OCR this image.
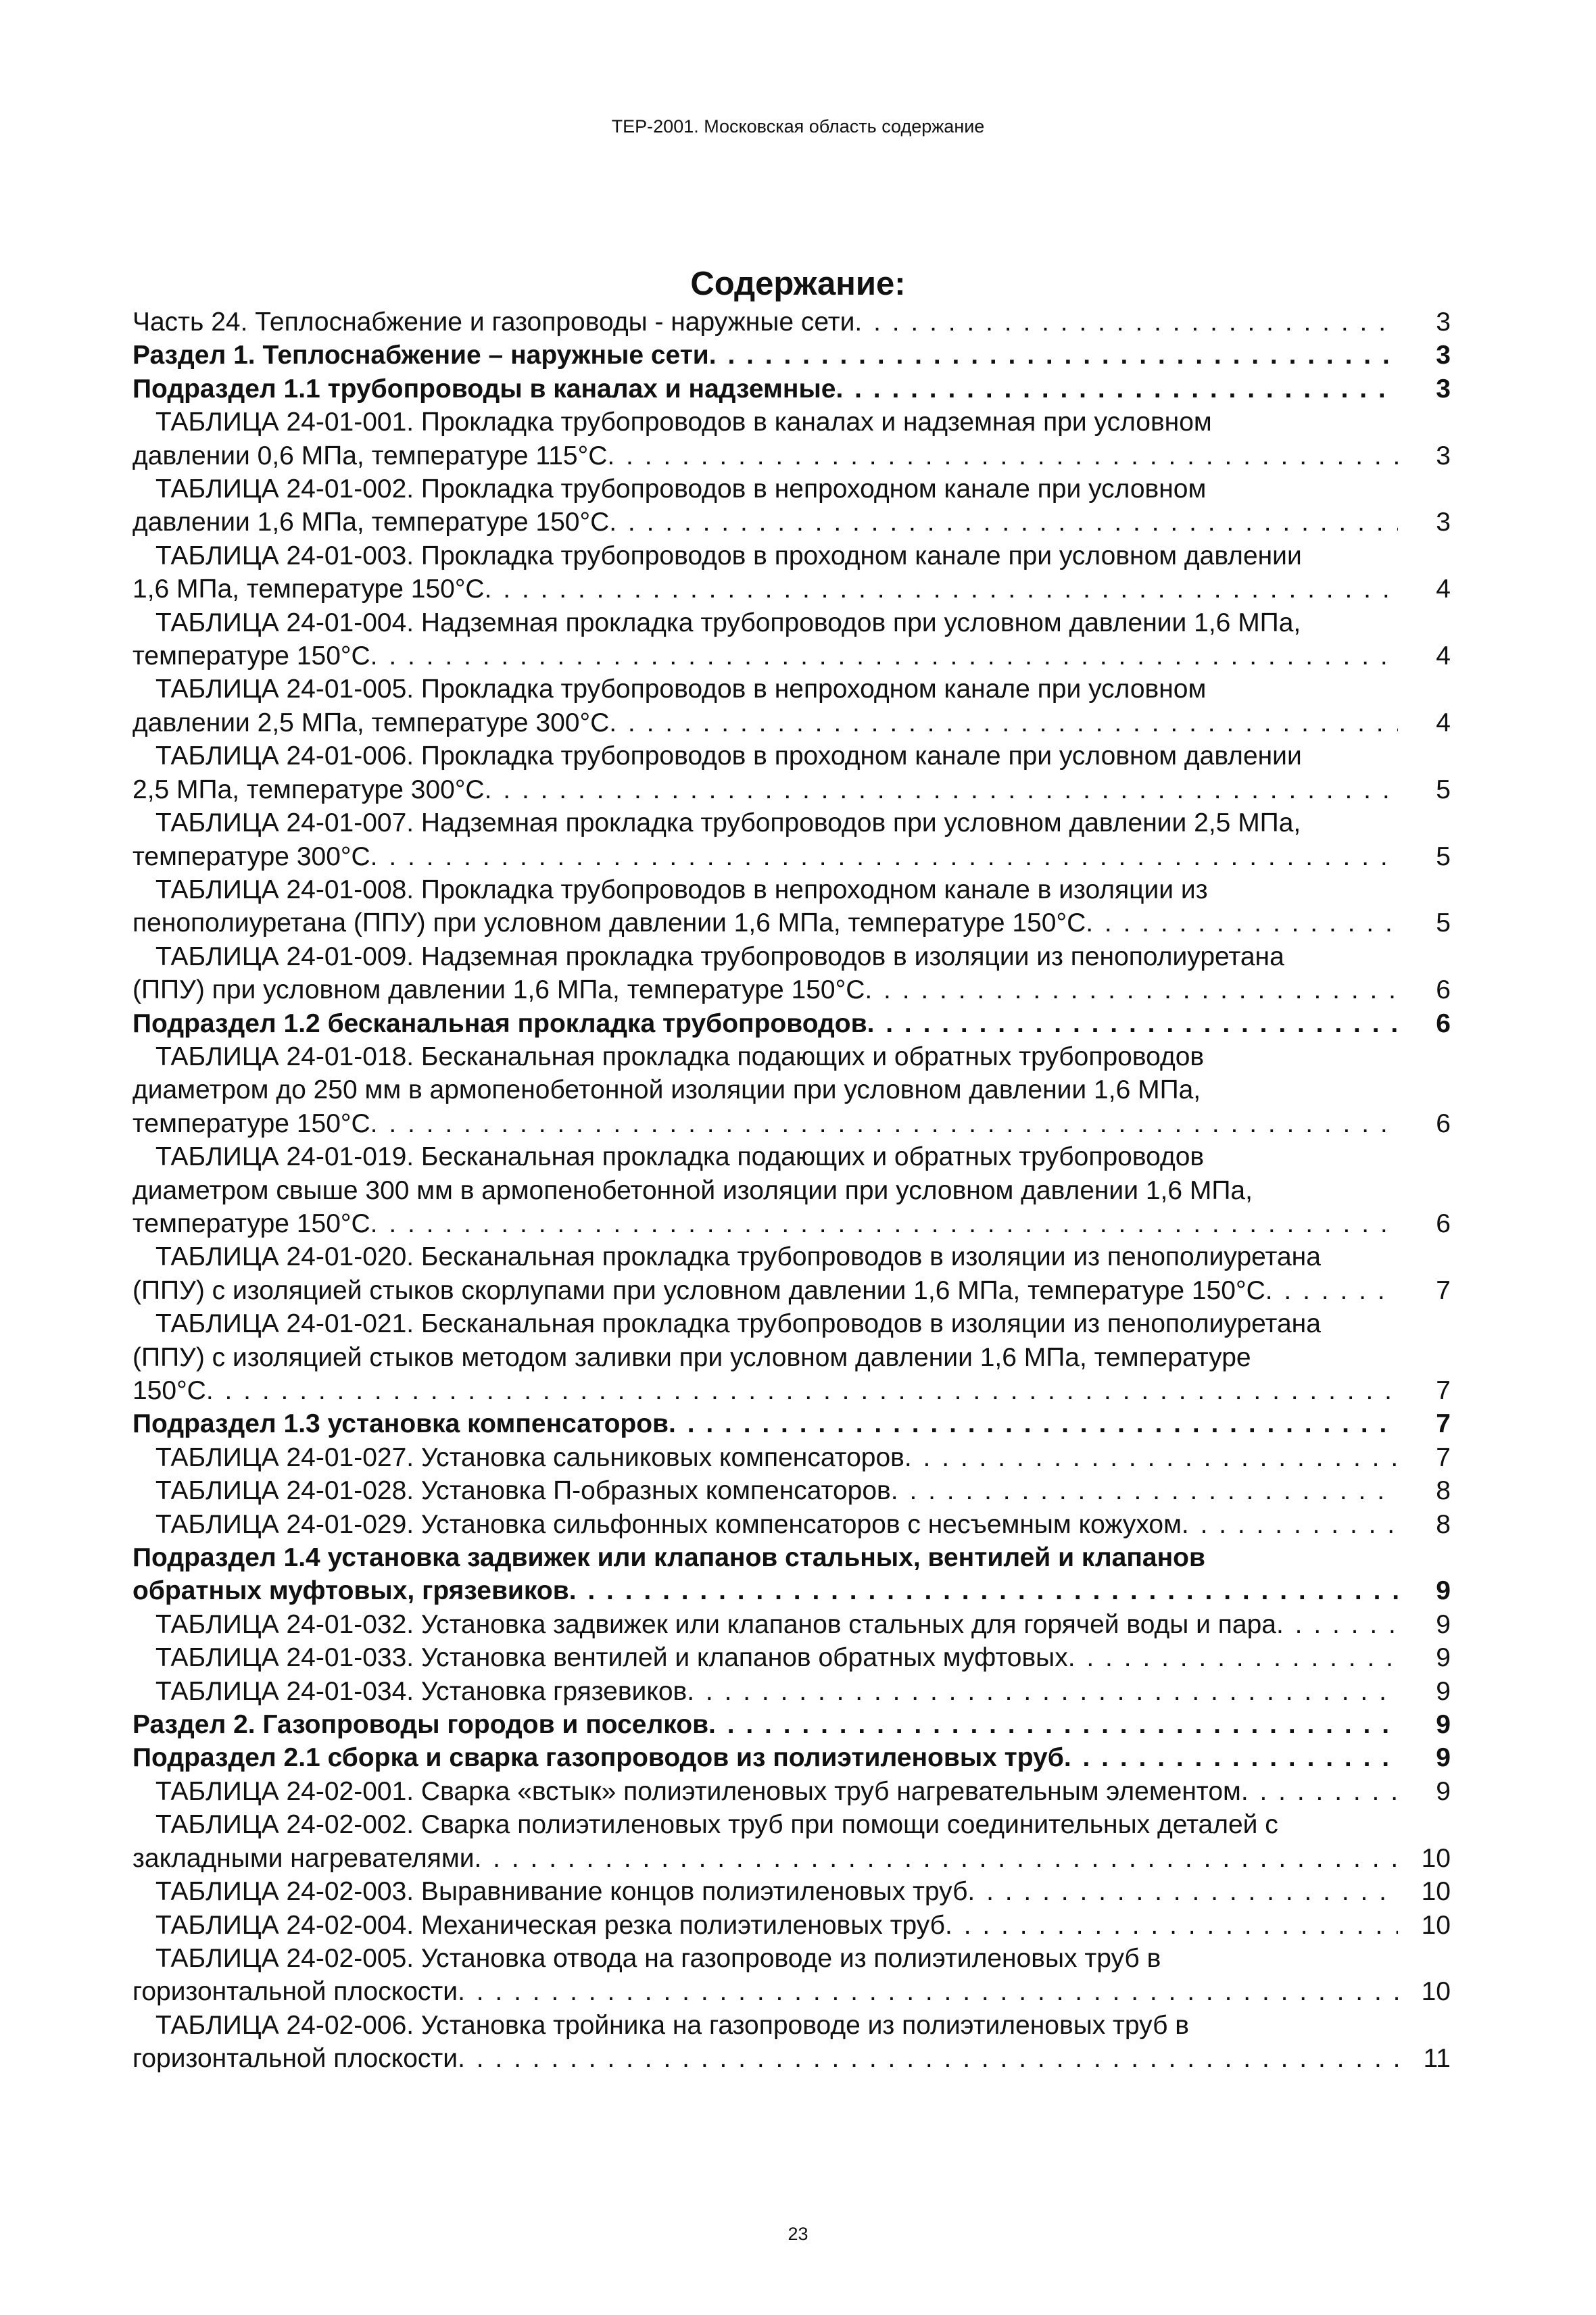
ТЕР-2001. Московская область содержание
Содержание:
Часть 24. Теплоснабжение и газопроводы - наружные сети . . .	3
Раздел 1. Теплоснабжение – наружные сети . . .	3
Подраздел 1.1 трубопроводы в каналах и надземные . . .	3
ТАБЛИЦА 24-01-001. Прокладка трубопроводов в каналах и надземная при условном
давлении 0,6 МПа, температуре 115°С . . .	3
ТАБЛИЦА 24-01-002. Прокладка трубопроводов в непроходном канале при условном
давлении 1,6 МПа, температуре 150°С . . .	3
ТАБЛИЦА 24-01-003. Прокладка трубопроводов в проходном канале при условном давлении
1,6 МПа, температуре 150°С . . .	4
ТАБЛИЦА 24-01-004. Надземная прокладка трубопроводов при условном давлении 1,6 МПа,
температуре 150°С . . .	4
ТАБЛИЦА 24-01-005. Прокладка трубопроводов в непроходном канале при условном
давлении 2,5 МПа, температуре 300°С . . .	4
ТАБЛИЦА 24-01-006. Прокладка трубопроводов в проходном канале при условном давлении
2,5 МПа, температуре 300°С . . .	5
ТАБЛИЦА 24-01-007. Надземная прокладка трубопроводов при условном давлении 2,5 МПа,
температуре 300°С . . .	5
ТАБЛИЦА 24-01-008. Прокладка трубопроводов в непроходном канале в изоляции из
пенополиуретана (ППУ) при условном давлении 1,6 МПа, температуре 150°С . . .	5
ТАБЛИЦА 24-01-009. Надземная прокладка трубопроводов в изоляции из пенополиуретана
(ППУ) при условном давлении 1,6 МПа, температуре 150°С . . .	6
Подраздел 1.2 бесканальная прокладка трубопроводов . . .	6
ТАБЛИЦА 24-01-018. Бесканальная прокладка подающих и обратных трубопроводов
диаметром до 250 мм в армопенобетонной изоляции при условном давлении 1,6 МПа,
температуре 150°С . . .	6
ТАБЛИЦА 24-01-019. Бесканальная прокладка подающих и обратных трубопроводов
диаметром свыше 300 мм в армопенобетонной изоляции при условном давлении 1,6 МПа,
температуре 150°С . . .	6
ТАБЛИЦА 24-01-020. Бесканальная прокладка трубопроводов в изоляции из пенополиуретана
(ППУ) с изоляцией стыков скорлупами при условном давлении 1,6 МПа, температуре 150°С . . .	7
ТАБЛИЦА 24-01-021. Бесканальная прокладка трубопроводов в изоляции из пенополиуретана
(ППУ) с изоляцией стыков методом заливки при условном давлении 1,6 МПа, температуре
150°С . . .	7
Подраздел 1.3 установка компенсаторов . . .	7
ТАБЛИЦА 24-01-027. Установка сальниковых компенсаторов . . .	7
ТАБЛИЦА 24-01-028. Установка П-образных компенсаторов . . .	8
ТАБЛИЦА 24-01-029. Установка сильфонных компенсаторов с несъемным кожухом . . .	8
Подраздел 1.4 установка задвижек или клапанов стальных, вентилей и клапанов
обратных муфтовых, грязевиков . . .	9
ТАБЛИЦА 24-01-032. Установка задвижек или клапанов стальных для горячей воды и пара . . .	9
ТАБЛИЦА 24-01-033. Установка вентилей и клапанов обратных муфтовых . . .	9
ТАБЛИЦА 24-01-034. Установка грязевиков . . .	9
Раздел 2. Газопроводы городов и поселков . . .	9
Подраздел 2.1 сборка и сварка газопроводов из полиэтиленовых труб . . .	9
ТАБЛИЦА 24-02-001. Сварка «встык» полиэтиленовых труб нагревательным элементом . . .	9
ТАБЛИЦА 24-02-002. Сварка полиэтиленовых труб при помощи соединительных деталей с
закладными нагревателями . . .	10
ТАБЛИЦА 24-02-003. Выравнивание концов полиэтиленовых труб . . .	10
ТАБЛИЦА 24-02-004. Механическая резка полиэтиленовых труб . . .	10
ТАБЛИЦА 24-02-005. Установка отвода на газопроводе из полиэтиленовых труб в
горизонтальной плоскости . . .	10
ТАБЛИЦА 24-02-006. Установка тройника на газопроводе из полиэтиленовых труб в
горизонтальной плоскости . . .	11
23
